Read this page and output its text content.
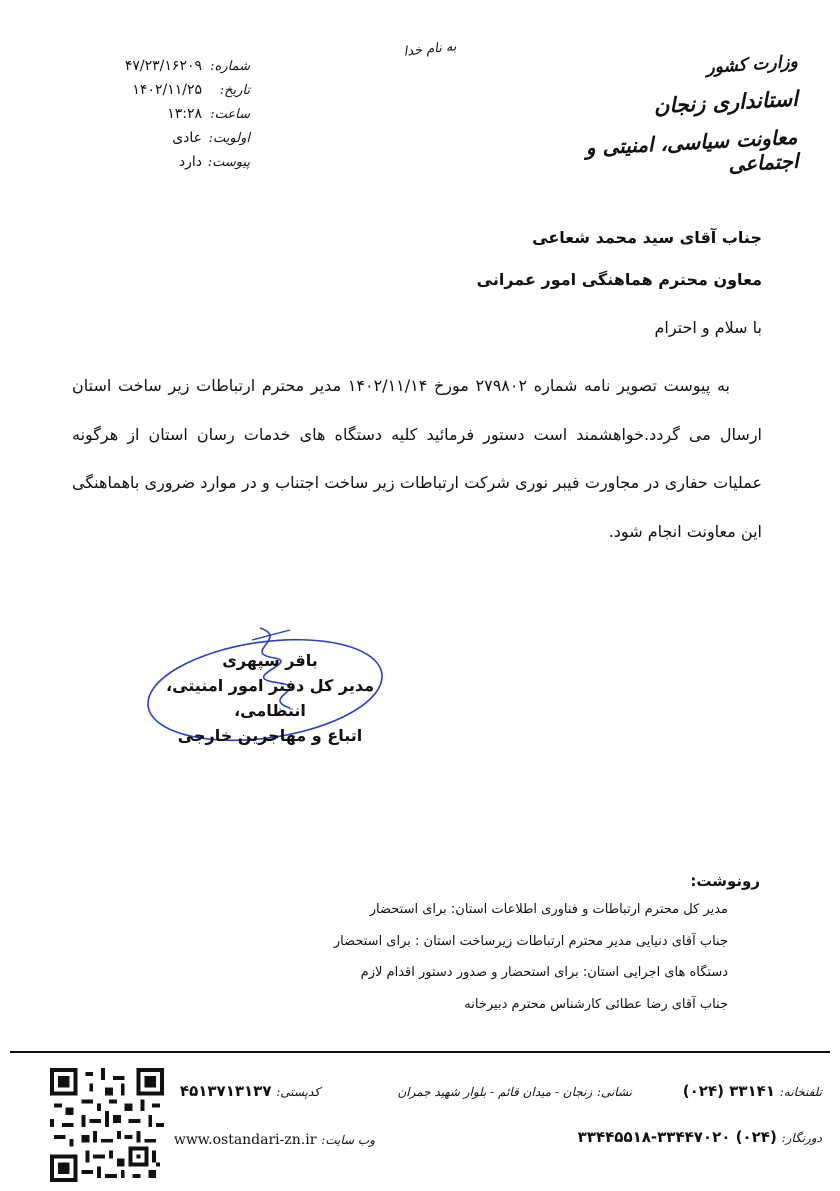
به نام خدا
وزارت کشور
استانداری زنجان
معاونت سیاسی، امنیتی و اجتماعی
شماره:
۴۷/۲۳/۱۶۲۰۹
تاریخ:
۱۴۰۲/۱۱/۲۵
ساعت:
۱۳:۲۸
اولویت:
عادی
پیوست:
دارد
جناب آقای سید محمد شعاعی
معاون محترم هماهنگی امور عمرانی
با سلام و احترام

به پیوست تصویر نامه شماره ۲۷۹۸۰۲ مورخ ۱۴۰۲/۱۱/۱۴ مدیر محترم ارتباطات زیر ساخت استان ارسال می گردد.خواهشمند است دستور فرمائید کلیه دستگاه های خدمات رسان استان از هرگونه عملیات حفاری در مجاورت فیبر نوری شرکت ارتباطات زیر ساخت اجتناب و در موارد ضروری باهماهنگی این معاونت انجام شود.

باقر سپهری
مدیر کل دفتر امور امنیتی، انتظامی،
اتباع و مهاجرین خارجی
رونوشت:
مدیر کل محترم ارتباطات و فناوری اطلاعات استان: برای استحضار
جناب آقای دنیایی مدیر محترم ارتباطات زیرساخت استان : برای استحضار
دستگاه های اجرایی استان: برای استحضار و صدور دستور اقدام لازم
جناب آقای رضا عطائی کارشناس محترم دبیرخانه
تلفنخانه: ۳۳۱۴۱ (۰۲۴)
نشانی: زنجان - میدان قائم - بلوار شهید جمران
کدپستی: ۴۵۱۳۷۱۳۱۳۷
دورنگار: (۰۲۴) ۳۳۴۴۷۰۲۰-۳۳۴۴۵۵۱۸
وب سایت: www.ostandari-zn.ir
